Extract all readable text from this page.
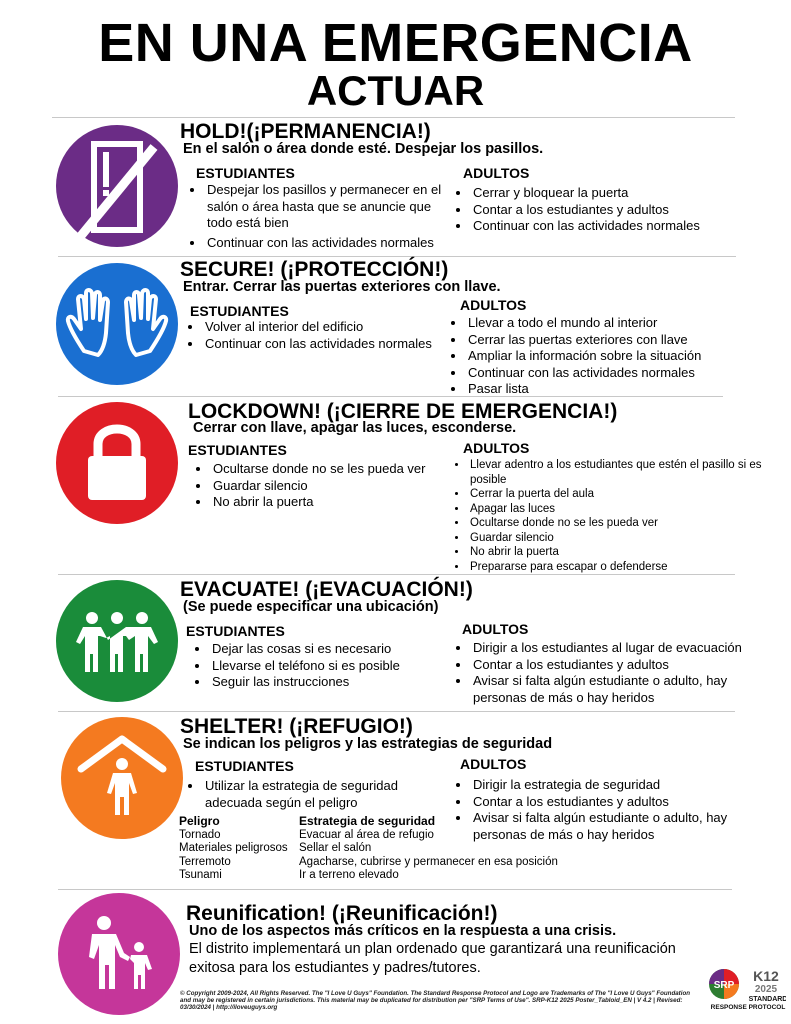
EN UNA EMERGENCIA
ACTUAR
HOLD!(¡PERMANENCIA!)
En el salón o área donde esté. Despejar los pasillos.
ESTUDIANTES
• Despejar los pasillos y permanecer en el salón o área hasta que se anuncie que todo está bien
• Continuar con las actividades normales
ADULTOS
• Cerrar y bloquear la puerta
• Contar a los estudiantes y adultos
• Continuar con las actividades normales
SECURE! (¡PROTECCIÓN!)
Entrar. Cerrar las puertas exteriores con llave.
ESTUDIANTES
• Volver al interior del edificio
• Continuar con las actividades normales
ADULTOS
• Llevar a todo el mundo al interior
• Cerrar las puertas exteriores con llave
• Ampliar la información sobre la situación
• Continuar con las actividades normales
• Pasar lista
LOCKDOWN! (¡CIERRE DE EMERGENCIA!)
Cerrar con llave, apagar las luces, esconderse.
ESTUDIANTES
• Ocultarse donde no se les pueda ver
• Guardar silencio
• No abrir la puerta
ADULTOS
• Llevar adentro a los estudiantes que estén el pasillo si es posible
• Cerrar la puerta del aula
• Apagar las luces
• Ocultarse donde no se les pueda ver
• Guardar silencio
• No abrir la puerta
• Prepararse para escapar o defenderse
EVACUATE! (¡EVACUACIÓN!)
(Se puede especificar una ubicación)
ESTUDIANTES
• Dejar las cosas si es necesario
• Llevarse el teléfono si es posible
• Seguir las instrucciones
ADULTOS
• Dirigir a los estudiantes al lugar de evacuación
• Contar a los estudiantes y adultos
• Avisar si falta algún estudiante o adulto, hay personas de más o hay heridos
SHELTER! (¡REFUGIO!)
Se indican los peligros y las estrategias de seguridad
ESTUDIANTES
• Utilizar la estrategia de seguridad adecuada según el peligro
ADULTOS
• Dirigir la estrategia de seguridad
• Contar a los estudiantes y adultos
• Avisar si falta algún estudiante o adulto, hay personas de más o hay heridos
Peligro
Tornado
Materiales peligrosos
Terremoto
Tsunami
Estrategia de seguridad
Evacuar al área de refugio
Sellar el salón
Agacharse, cubrirse y permanecer en esa posición
Ir a terreno elevado
Reunification! (¡Reunificación!)
Uno de los aspectos más críticos en la respuesta a una crisis.
El distrito implementará un plan ordenado que garantizará una reunificación exitosa para los estudiantes y padres/tutores.
© Copyright 2009-2024, All Rights Reserved. The "I Love U Guys" Foundation. The Standard Response Protocol and Logo are Trademarks of The "I Love U Guys" Foundation and may be registered in certain jurisdictions. This material may be duplicated for distribution per "SRP Terms of Use". SRP-K12 2025 Poster_Tabloid_EN | V 4.2 | Revised: 03/30/2024 | http://iloveuguys.org
SRP
K12
2025
STANDARD
RESPONSE PROTOCOL
